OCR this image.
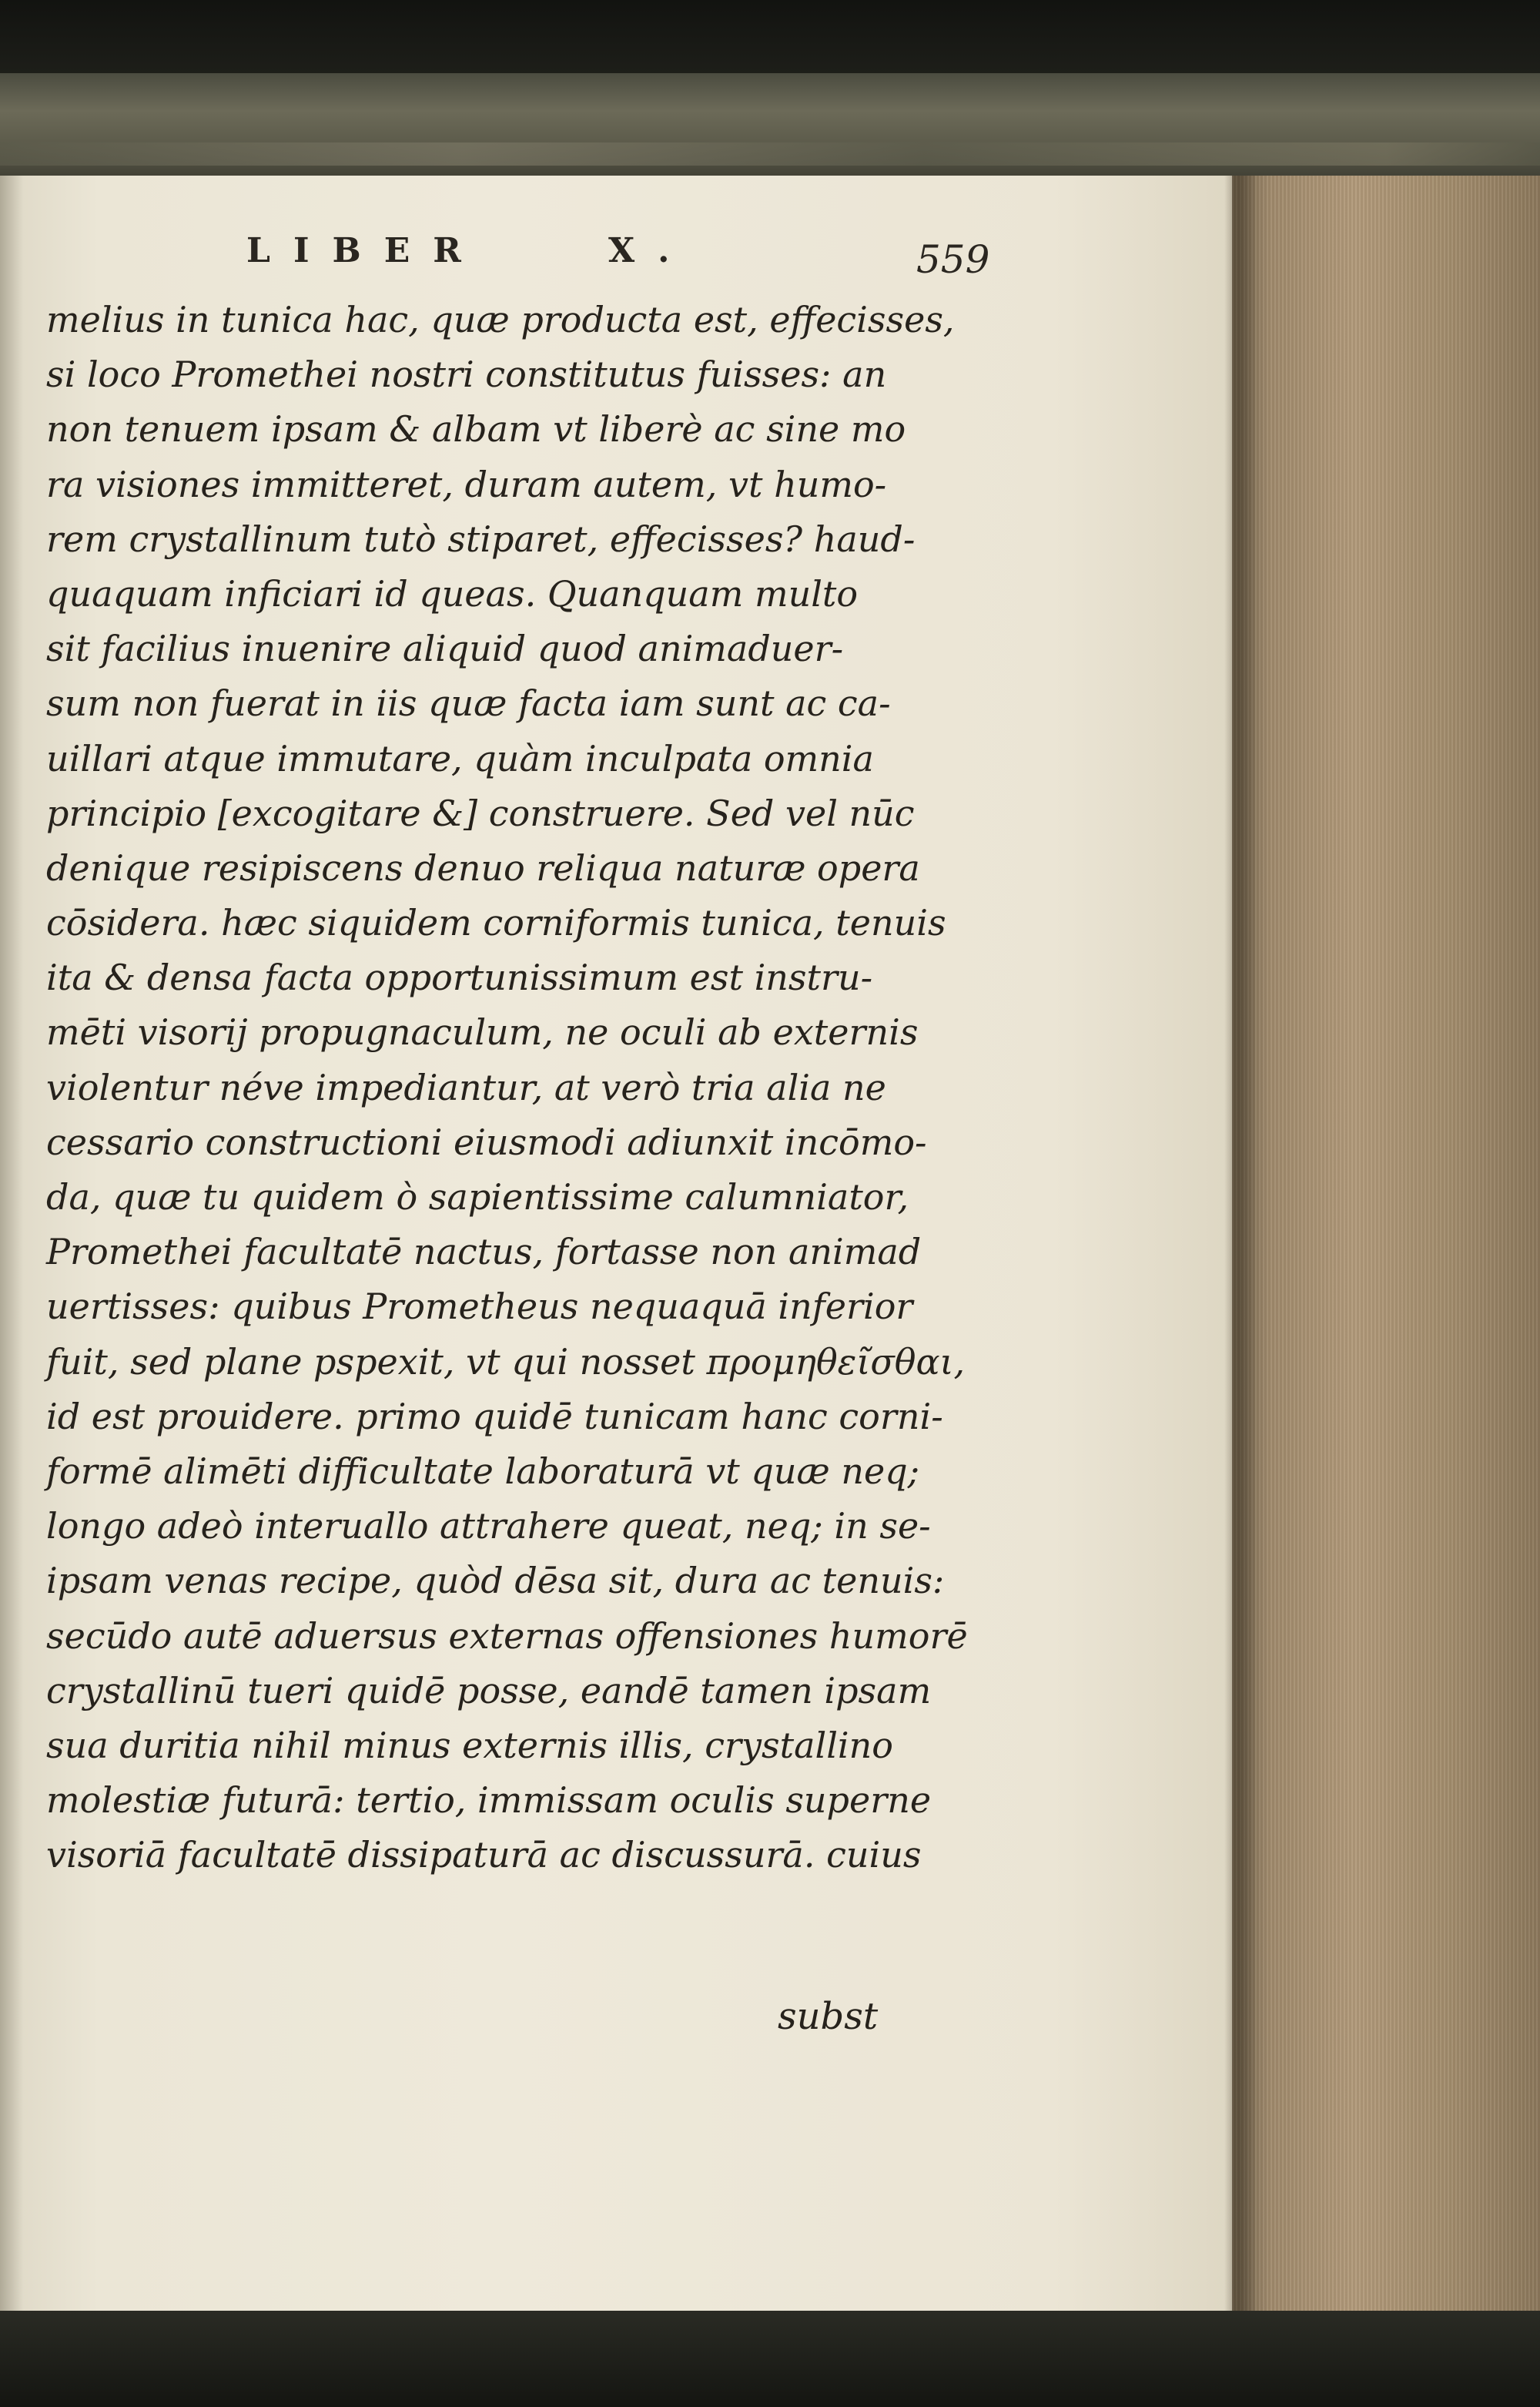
LIBER	X.	559
melius in tunica hac, quæ producta est, effecisses,
si loco Promethei nostri constitutus fuisses: an
non tenuem ipsam & albam vt liberè ac sine mo
ra visiones immitteret, duram autem, vt humo-
rem crystallinum tutò stiparet, effecisses? haud-
quaquam inficiari id queas. Quanquam multo
sit facilius inuenire aliquid quod animaduer-
sum non fuerat in iis quæ facta iam sunt ac ca-
uillari atque immutare, quàm inculpata omnia
principio [excogitare &] construere. Sed vel nūc
denique resipiscens denuo reliqua naturæ opera
cōsidera. hæc siquidem corniformis tunica, tenuis
ita & densa facta opportunissimum est instru-
mēti visorij propugnaculum, ne oculi ab externis
violentur néve impediantur, at verò tria alia ne
cessario constructioni eiusmodi adiunxit incōmo-
da, quæ tu quidem ò sapientissime calumniator,
Promethei facultatē nactus, fortasse non animad
uertisses: quibus Prometheus nequaquā inferior
fuit, sed plane pspexit, vt qui nosset προμηθεῖσθαι,
id est prouidere. primo quidē tunicam hanc corni-
formē alimēti difficultate laboraturā vt quæ neq;
longo adeò interuallo attrahere queat, neq; in se-
ipsam venas recipe, quòd dēsa sit, dura ac tenuis:
secūdo autē aduersus externas offensiones humorē
crystallinū tueri quidē posse, eandē tamen ipsam
sua duritia nihil minus externis illis, crystallino
molestiæ futurā: tertio, immissam oculis superne
visoriā facultatē dissipaturā ac discussurā. cuius
subst
